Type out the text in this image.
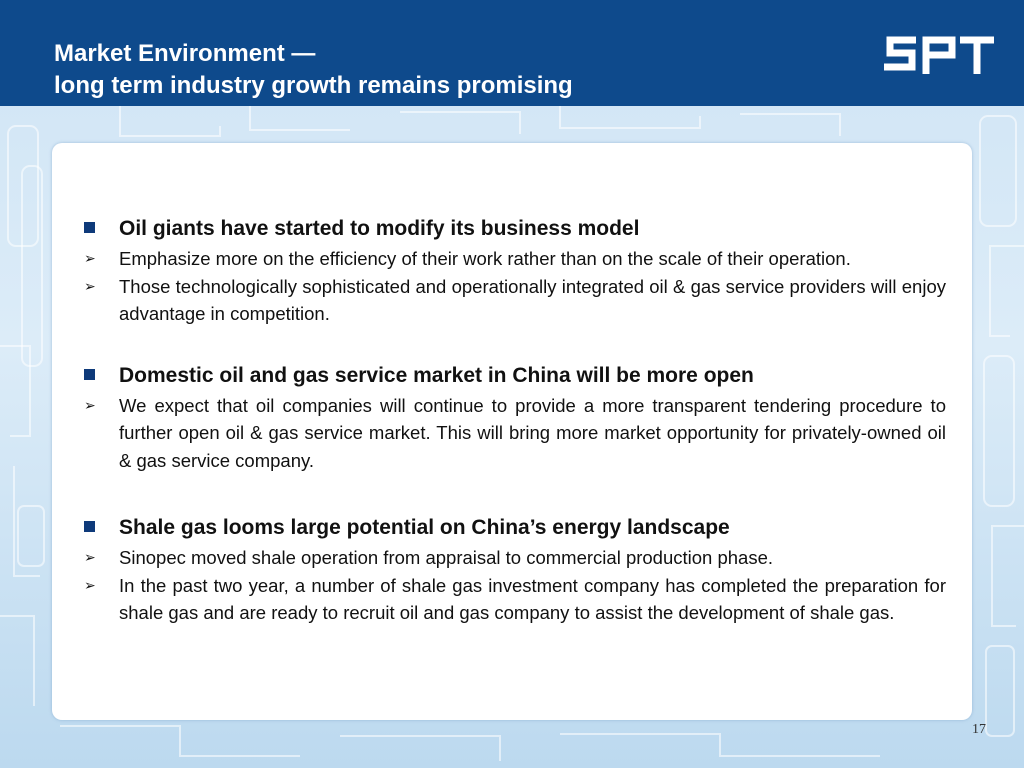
Market Environment —
long term industry growth remains promising
Oil giants have started to modify its business model
➢	Emphasize more on the efficiency of their work rather than on the scale of their operation.
➢	Those technologically sophisticated and operationally integrated oil & gas service providers will enjoy advantage in competition.
Domestic oil and gas service market in China will be more open
➢	We expect that oil companies will continue to provide a more transparent tendering procedure to further open oil & gas service market. This will bring more market opportunity for privately-owned oil & gas service company.
Shale gas looms large potential on China’s energy landscape
➢	Sinopec moved shale operation from appraisal to commercial production phase.
➢	In the past two year, a number of shale gas investment company has completed the preparation for shale gas and are ready to recruit oil and gas company to assist the development of shale gas.
17
